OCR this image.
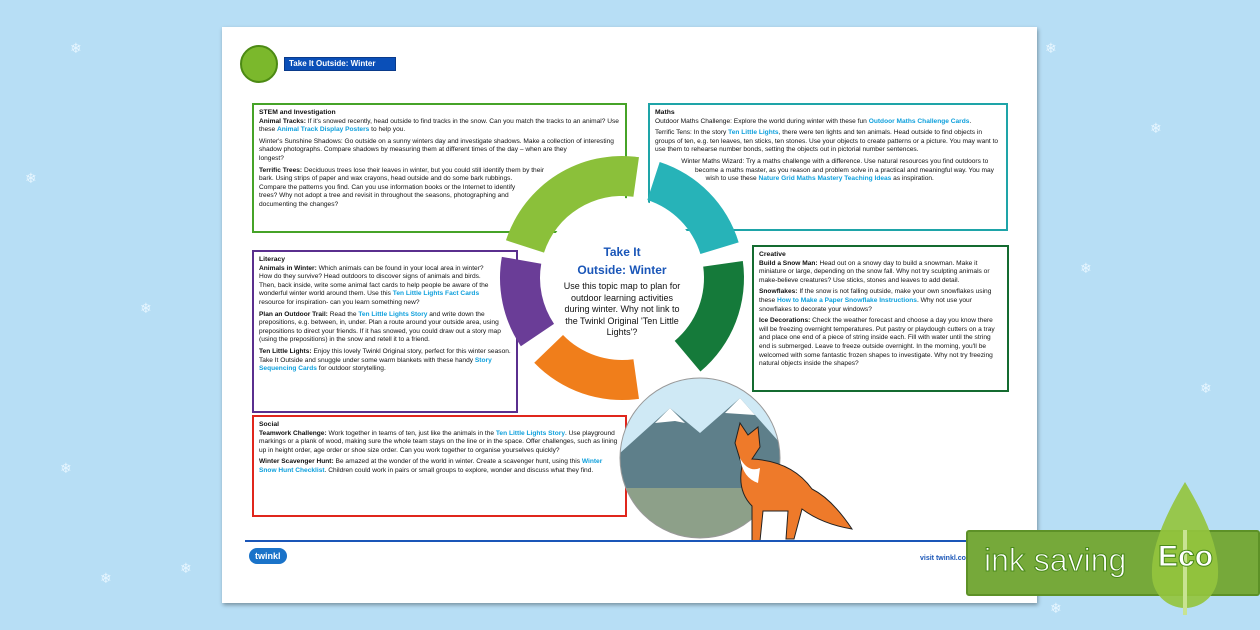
❄
❄
❄
❄
❄
❄
❄
❄
❄
❄
❄
Take It Outside: Winter
STEM and Investigation

Animal Tracks: If it's snowed recently, head outside to find tracks in the snow. Can you match the tracks to an animal? Use these Animal Track Display Posters to help you.

Winter's Sunshine Shadows: Go outside on a sunny winters day and investigate shadows. Make a collection of interesting shadow photographs. Compare shadows by measuring them at different times of the day – when are they longest?

Terrific Trees: Deciduous trees lose their leaves in winter, but you could still identify them by their bark. Using strips of paper and wax crayons, head outside and do some bark rubbings. Compare the patterns you find. Can you use information books or the Internet to identify trees? Why not adopt a tree and revisit in throughout the seasons, photographing and documenting the changes?

Maths

Outdoor Maths Challenge: Explore the world during winter with these fun Outdoor Maths Challenge Cards.

Terrific Tens: In the story Ten Little Lights, there were ten lights and ten animals. Head outside to find objects in groups of ten, e.g. ten leaves, ten sticks, ten stones. Use your objects to create patterns or a picture. You may want to use them to rehearse number bonds, setting the objects out in pictorial number sentences.

Winter Maths Wizard: Try a maths challenge with a difference. Use natural resources you find outdoors to become a maths master, as you reason and problem solve in a practical and meaningful way. You may wish to use these Nature Grid Maths Mastery Teaching Ideas as inspiration.

Literacy

Animals in Winter: Which animals can be found in your local area in winter? How do they survive? Head outdoors to discover signs of animals and birds. Then, back inside, write some animal fact cards to help people be aware of the wonderful winter world around them. Use this Ten Little Lights Fact Cards resource for inspiration- can you learn something new?

Plan an Outdoor Trail: Read the Ten Little Lights Story and write down the prepositions, e.g. between, in, under. Plan a route around your outside area, using prepositions to direct your friends. If it has snowed, you could draw out a story map (using the prepositions) in the snow and retell it to a friend.

Ten Little Lights: Enjoy this lovely Twinkl Original story, perfect for this winter season. Take It Outside and snuggle under some warm blankets with these handy Story Sequencing Cards for outdoor storytelling.

Creative

Build a Snow Man: Head out on a snowy day to build a snowman. Make it miniature or large, depending on the snow fall. Why not try sculpting animals or make-believe creatures? Use sticks, stones and leaves to add detail.

Snowflakes: If the snow is not falling outside, make your own snowflakes using these How to Make a Paper Snowflake Instructions. Why not use your snowflakes to decorate your windows?

Ice Decorations: Check the weather forecast and choose a day you know there will be freezing overnight temperatures. Put pastry or playdough cutters on a tray and place one end of a piece of string inside each. Fill with water until the string end is submerged. Leave to freeze outside overnight. In the morning, you'll be welcomed with some fantastic frozen shapes to investigate. Why not try freezing natural objects inside the shapes?

Social

Teamwork Challenge: Work together in teams of ten, just like the animals in the Ten Little Lights Story. Use playground markings or a plank of wood, making sure the whole team stays on the line or in the space. Offer challenges, such as lining up in height order, age order or shoe size order. Can you work together to organise yourselves quickly?

Winter Scavenger Hunt: Be amazed at the wonder of the world in winter. Create a scavenger hunt, using this Winter Snow Hunt Checklist. Children could work in pairs or small groups to explore, wonder and discuss what they find.

Take It
Outside: Winter
Use this topic map to plan for outdoor learning activities during winter. Why not link to the Twinkl Original 'Ten Little Lights'?
twinkl	visit twinkl.co ink saving Eco
